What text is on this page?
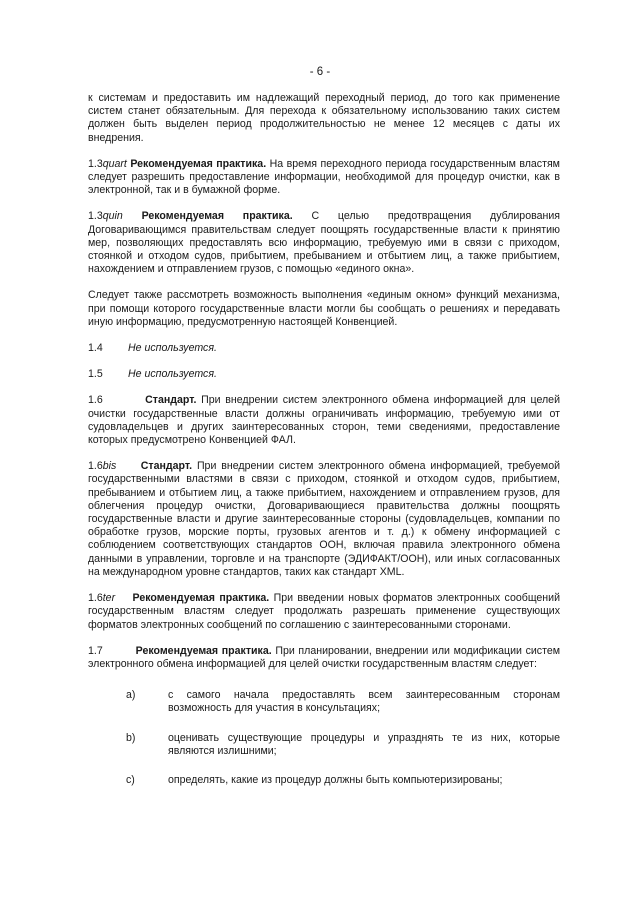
- 6 -

к системам и предоставить им надлежащий переходный период, до того как применение систем станет обязательным. Для перехода к обязательному использованию таких систем должен быть выделен период продолжительностью не менее 12 месяцев с даты их внедрения.

1.3quart Рекомендуемая практика. На время переходного периода государственным властям следует разрешить предоставление информации, необходимой для процедур очистки, как в электронной, так и в бумажной форме.

1.3quin Рекомендуемая практика. С целью предотвращения дублирования Договаривающимся правительствам следует поощрять государственные власти к принятию мер, позволяющих предоставлять всю информацию, требуемую ими в связи с приходом, стоянкой и отходом судов, прибытием, пребыванием и отбытием лиц, а также прибытием, нахождением и отправлением грузов, с помощью «единого окна».

Следует также рассмотреть возможность выполнения «единым окном» функций механизма, при помощи которого государственные власти могли бы сообщать о решениях и передавать иную информацию, предусмотренную настоящей Конвенцией.

1.4	Не используется.

1.5	Не используется.

1.6	Стандарт. При внедрении систем электронного обмена информацией для целей очистки государственные власти должны ограничивать информацию, требуемую ими от судовладельцев и других заинтересованных сторон, теми сведениями, предоставление которых предусмотрено Конвенцией ФАЛ.

1.6bis Стандарт. При внедрении систем электронного обмена информацией, требуемой государственными властями в связи с приходом, стоянкой и отходом судов, прибытием, пребыванием и отбытием лиц, а также прибытием, нахождением и отправлением грузов, для облегчения процедур очистки, Договаривающиеся правительства должны поощрять государственные власти и другие заинтересованные стороны (судовладельцев, компании по обработке грузов, морские порты, грузовых агентов и т. д.) к обмену информацией с соблюдением соответствующих стандартов ООН, включая правила электронного обмена данными в управлении, торговле и на транспорте (ЭДИФАКТ/ООН), или иных согласованных на международном уровне стандартов, таких как стандарт XML.

1.6ter Рекомендуемая практика. При введении новых форматов электронных сообщений государственным властям следует продолжать разрешать применение существующих форматов электронных сообщений по соглашению с заинтересованными сторонами.

1.7	Рекомендуемая практика. При планировании, внедрении или модификации систем электронного обмена информацией для целей очистки государственным властям следует:

a)	с самого начала предоставлять всем заинтересованным сторонам возможность для участия в консультациях;
b)	оценивать существующие процедуры и упразднять те из них, которые являются излишними;
c)	определять, какие из процедур должны быть компьютеризированы;
